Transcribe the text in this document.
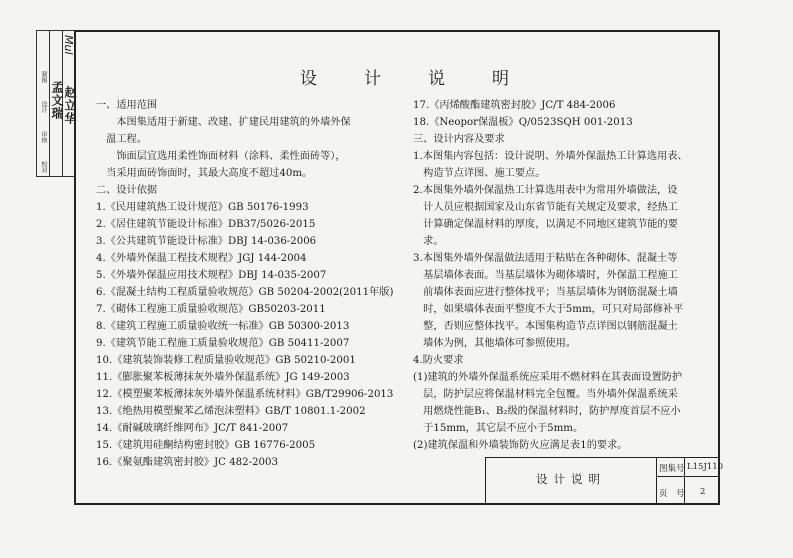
校对
审核
设计
制图
孟文瑞 赵立华
Mul
设	计	说	明
一、适用范围
　　本图集适用于新建、改建、扩建民用建筑的外墙外保
　温工程。
　　饰面层宜选用柔性饰面材料（涂料、柔性面砖等），
　当采用面砖饰面时，其最大高度不超过40m。
二、设计依据
1.《民用建筑热工设计规范》GB 50176-1993
2.《居住建筑节能设计标准》DB37/5026-2015
3.《公共建筑节能设计标准》DBJ 14-036-2006
4.《外墙外保温工程技术规程》JGJ 144-2004
5.《外墙外保温应用技术规程》DBJ 14-035-2007
6.《混凝土结构工程质量验收规范》GB 50204-2002(2011年版)
7.《砌体工程施工质量验收规范》GB50203-2011
8.《建筑工程施工质量验收统一标准》GB 50300-2013
9.《建筑节能工程施工质量验收规范》GB 50411-2007
10.《建筑装饰装修工程质量验收规范》GB 50210-2001
11.《膨胀聚苯板薄抹灰外墙外保温系统》JG 149-2003
12.《模塑聚苯板薄抹灰外墙外保温系统材料》GB/T29906-2013
13.《绝热用模塑聚苯乙烯泡沫塑料》GB/T 10801.1-2002
14.《耐碱玻璃纤维网布》JC/T 841-2007
15.《建筑用硅酮结构密封胶》GB 16776-2005
16.《聚氨酯建筑密封胶》JC 482-2003
17.《丙烯酸酯建筑密封胶》JC/T 484-2006
18.《Neopor保温板》Q/0523SQH 001-2013
三、设计内容及要求
1.本图集内容包括：设计说明、外墙外保温热工计算选用表、
　构造节点详图、施工要点。
2.本图集外墙外保温热工计算选用表中为常用外墙做法，设
　计人员应根据国家及山东省节能有关规定及要求，经热工
　计算确定保温材料的厚度，以满足不同地区建筑节能的要
　求。
3.本图集外墙外保温做法适用于粘贴在各种砌体、混凝土等
　基层墙体表面。当基层墙体为砌体墙时，外保温工程施工
　前墙体表面应进行整体找平；当基层墙体为钢筋混凝土墙
　时，如果墙体表面平整度不大于5mm，可只对局部修补平
　整，否则应整体找平。本图集构造节点详图以钢筋混凝土
　墙体为例，其他墙体可参照使用。
4.防火要求
(1)建筑的外墙外保温系统应采用不燃材料在其表面设置防护
　层，防护层应将保温材料完全包覆。当外墙外保温系统采
　用燃烧性能B₁、B₂级的保温材料时，防护厚度首层不应小
　于15mm，其它层不应小于5mm。
(2)建筑保温和外墙装饰防火应满足表1的要求。
设计说明
图集号 L15J110
页　号 2
